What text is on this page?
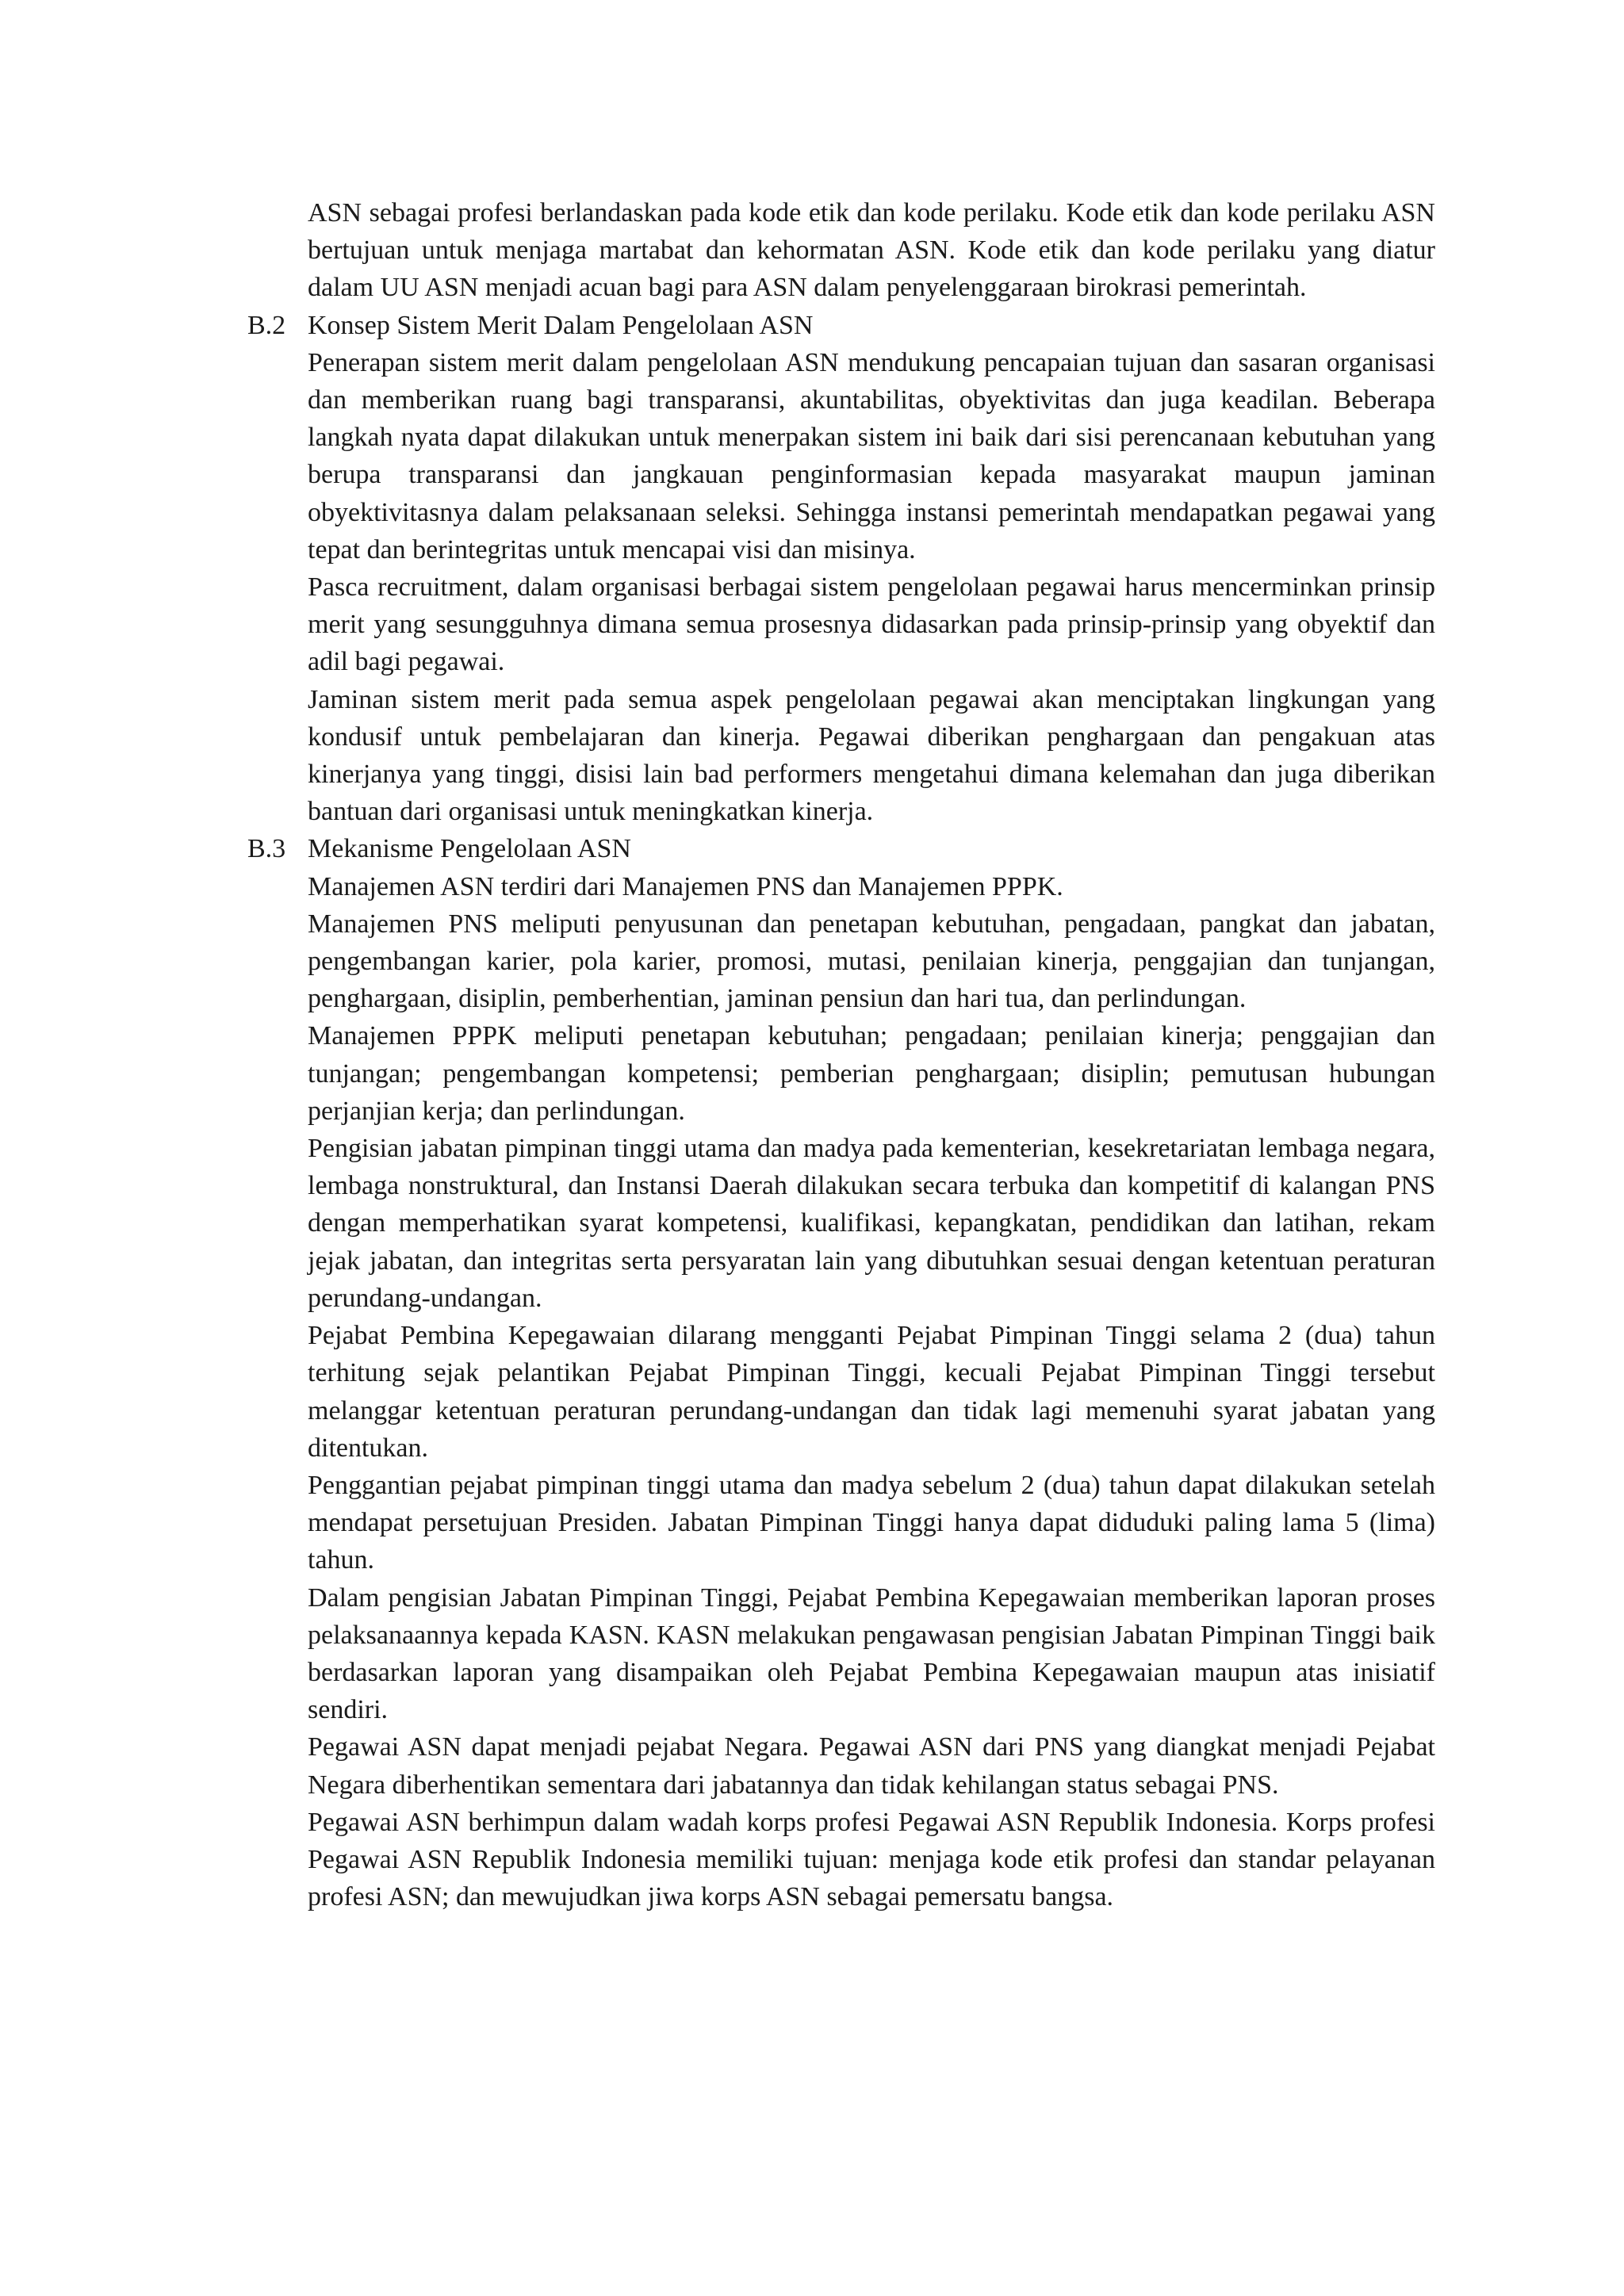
ASN sebagai profesi berlandaskan pada kode etik dan kode perilaku. Kode etik dan kode perilaku ASN bertujuan untuk menjaga martabat dan kehormatan ASN. Kode etik dan kode perilaku yang diatur dalam UU ASN menjadi acuan bagi para ASN dalam penyelenggaraan birokrasi pemerintah.

B.2 Konsep Sistem Merit Dalam Pengelolaan ASN

Penerapan sistem merit dalam pengelolaan ASN mendukung pencapaian tujuan dan sasaran organisasi dan memberikan ruang bagi transparansi, akuntabilitas, obyektivitas dan juga keadilan. Beberapa langkah nyata dapat dilakukan untuk menerpakan sistem ini baik dari sisi perencanaan kebutuhan yang berupa transparansi dan jangkauan penginformasian kepada masyarakat maupun jaminan obyektivitasnya dalam pelaksanaan seleksi. Sehingga instansi pemerintah mendapatkan pegawai yang tepat dan berintegritas untuk mencapai visi dan misinya.

Pasca recruitment, dalam organisasi berbagai sistem pengelolaan pegawai harus mencerminkan prinsip merit yang sesungguhnya dimana semua prosesnya didasarkan pada prinsip-prinsip yang obyektif dan adil bagi pegawai.

Jaminan sistem merit pada semua aspek pengelolaan pegawai akan menciptakan lingkungan yang kondusif untuk pembelajaran dan kinerja. Pegawai diberikan penghargaan dan pengakuan atas kinerjanya yang tinggi, disisi lain bad performers mengetahui dimana kelemahan dan juga diberikan bantuan dari organisasi untuk meningkatkan kinerja.

B.3 Mekanisme Pengelolaan ASN

Manajemen ASN terdiri dari Manajemen PNS dan Manajemen PPPK.

Manajemen PNS meliputi penyusunan dan penetapan kebutuhan, pengadaan, pangkat dan jabatan, pengembangan karier, pola karier, promosi, mutasi, penilaian kinerja, penggajian dan tunjangan, penghargaan, disiplin, pemberhentian, jaminan pensiun dan hari tua, dan perlindungan.

Manajemen PPPK meliputi penetapan kebutuhan; pengadaan; penilaian kinerja; penggajian dan tunjangan; pengembangan kompetensi; pemberian penghargaan; disiplin; pemutusan hubungan perjanjian kerja; dan perlindungan.

Pengisian jabatan pimpinan tinggi utama dan madya pada kementerian, kesekretariatan lembaga negara, lembaga nonstruktural, dan Instansi Daerah dilakukan secara terbuka dan kompetitif di kalangan PNS dengan memperhatikan syarat kompetensi, kualifikasi, kepangkatan, pendidikan dan latihan, rekam jejak jabatan, dan integritas serta persyaratan lain yang dibutuhkan sesuai dengan ketentuan peraturan perundang-undangan.

Pejabat Pembina Kepegawaian dilarang mengganti Pejabat Pimpinan Tinggi selama 2 (dua) tahun terhitung sejak pelantikan Pejabat Pimpinan Tinggi, kecuali Pejabat Pimpinan Tinggi tersebut melanggar ketentuan peraturan perundang-undangan dan tidak lagi memenuhi syarat jabatan yang ditentukan.

Penggantian pejabat pimpinan tinggi utama dan madya sebelum 2 (dua) tahun dapat dilakukan setelah mendapat persetujuan Presiden. Jabatan Pimpinan Tinggi hanya dapat diduduki paling lama 5 (lima) tahun.

Dalam pengisian Jabatan Pimpinan Tinggi, Pejabat Pembina Kepegawaian memberikan laporan proses pelaksanaannya kepada KASN. KASN melakukan pengawasan pengisian Jabatan Pimpinan Tinggi baik berdasarkan laporan yang disampaikan oleh Pejabat Pembina Kepegawaian maupun atas inisiatif sendiri.

Pegawai ASN dapat menjadi pejabat Negara. Pegawai ASN dari PNS yang diangkat menjadi Pejabat Negara diberhentikan sementara dari jabatannya dan tidak kehilangan status sebagai PNS.

Pegawai ASN berhimpun dalam wadah korps profesi Pegawai ASN Republik Indonesia. Korps profesi Pegawai ASN Republik Indonesia memiliki tujuan: menjaga kode etik profesi dan standar pelayanan profesi ASN; dan mewujudkan jiwa korps ASN sebagai pemersatu bangsa.
